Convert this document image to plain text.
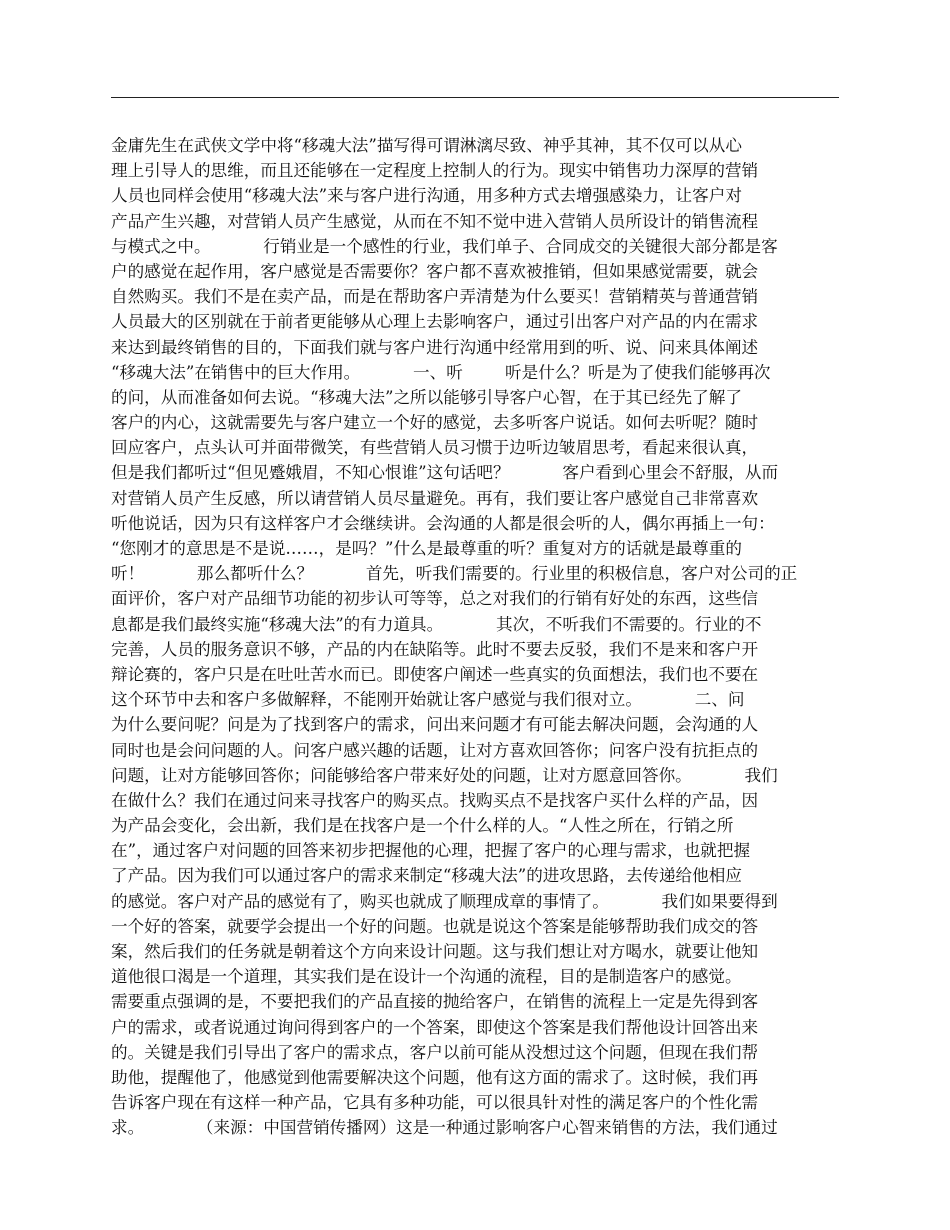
金庸先生在武侠文学中将“移魂大法”描写得可谓淋漓尽致、神乎其神，其不仅可以从心
理上引导人的思维，而且还能够在一定程度上控制人的行为。现实中销售功力深厚的营销
人员也同样会使用“移魂大法”来与客户进行沟通，用多种方式去增强感染力，让客户对
产品产生兴趣，对营销人员产生感觉，从而在不知不觉中进入营销人员所设计的销售流程
与模式之中。          行销业是一个感性的行业，我们单子、合同成交的关键很大部分都是客
户的感觉在起作用，客户感觉是否需要你？客户都不喜欢被推销，但如果感觉需要，就会
自然购买。我们不是在卖产品，而是在帮助客户弄清楚为什么要买！营销精英与普通营销
人员最大的区别就在于前者更能够从心理上去影响客户，通过引出客户对产品的内在需求
来达到最终销售的目的，下面我们就与客户进行沟通中经常用到的听、说、问来具体阐述
“移魂大法”在销售中的巨大作用。          一、听        听是什么？听是为了使我们能够再次
的问，从而准备如何去说。“移魂大法”之所以能够引导客户心智，在于其已经先了解了
客户的内心，这就需要先与客户建立一个好的感觉，去多听客户说话。如何去听呢？随时
回应客户，点头认可并面带微笑，有些营销人员习惯于边听边皱眉思考，看起来很认真，
但是我们都听过“但见蹙娥眉，不知心恨谁”这句话吧？          客户看到心里会不舒服，从而
对营销人员产生反感，所以请营销人员尽量避免。再有，我们要让客户感觉自己非常喜欢
听他说话，因为只有这样客户才会继续讲。会沟通的人都是很会听的人，偶尔再插上一句：
“您刚才的意思是不是说……，是吗？”什么是最尊重的听？重复对方的话就是最尊重的
听！          那么都听什么？          首先，听我们需要的。行业里的积极信息，客户对公司的正
面评价，客户对产品细节功能的初步认可等等，总之对我们的行销有好处的东西，这些信
息都是我们最终实施“移魂大法”的有力道具。          其次，不听我们不需要的。行业的不
完善，人员的服务意识不够，产品的内在缺陷等。此时不要去反驳，我们不是来和客户开
辩论赛的，客户只是在吐吐苦水而已。即使客户阐述一些真实的负面想法，我们也不要在
这个环节中去和客户多做解释，不能刚开始就让客户感觉与我们很对立。          二、问
为什么要问呢？问是为了找到客户的需求，问出来问题才有可能去解决问题，会沟通的人
同时也是会问问题的人。问客户感兴趣的话题，让对方喜欢回答你；问客户没有抗拒点的
问题，让对方能够回答你；问能够给客户带来好处的问题，让对方愿意回答你。          我们
在做什么？我们在通过问来寻找客户的购买点。找购买点不是找客户买什么样的产品，因
为产品会变化，会出新，我们是在找客户是一个什么样的人。“人性之所在，行销之所
在”，通过客户对问题的回答来初步把握他的心理，把握了客户的心理与需求，也就把握
了产品。因为我们可以通过客户的需求来制定“移魂大法”的进攻思路，去传递给他相应
的感觉。客户对产品的感觉有了，购买也就成了顺理成章的事情了。          我们如果要得到
一个好的答案，就要学会提出一个好的问题。也就是说这个答案是能够帮助我们成交的答
案，然后我们的任务就是朝着这个方向来设计问题。这与我们想让对方喝水，就要让他知
道他很口渴是一个道理，其实我们是在设计一个沟通的流程，目的是制造客户的感觉。
需要重点强调的是，不要把我们的产品直接的抛给客户，在销售的流程上一定是先得到客
户的需求，或者说通过询问得到客户的一个答案，即使这个答案是我们帮他设计回答出来
的。关键是我们引导出了客户的需求点，客户以前可能从没想过这个问题，但现在我们帮
助他，提醒他了，他感觉到他需要解决这个问题，他有这方面的需求了。这时候，我们再
告诉客户现在有这样一种产品，它具有多种功能，可以很具针对性的满足客户的个性化需
求。          （来源：中国营销传播网）这是一种通过影响客户心智来销售的方法，我们通过
